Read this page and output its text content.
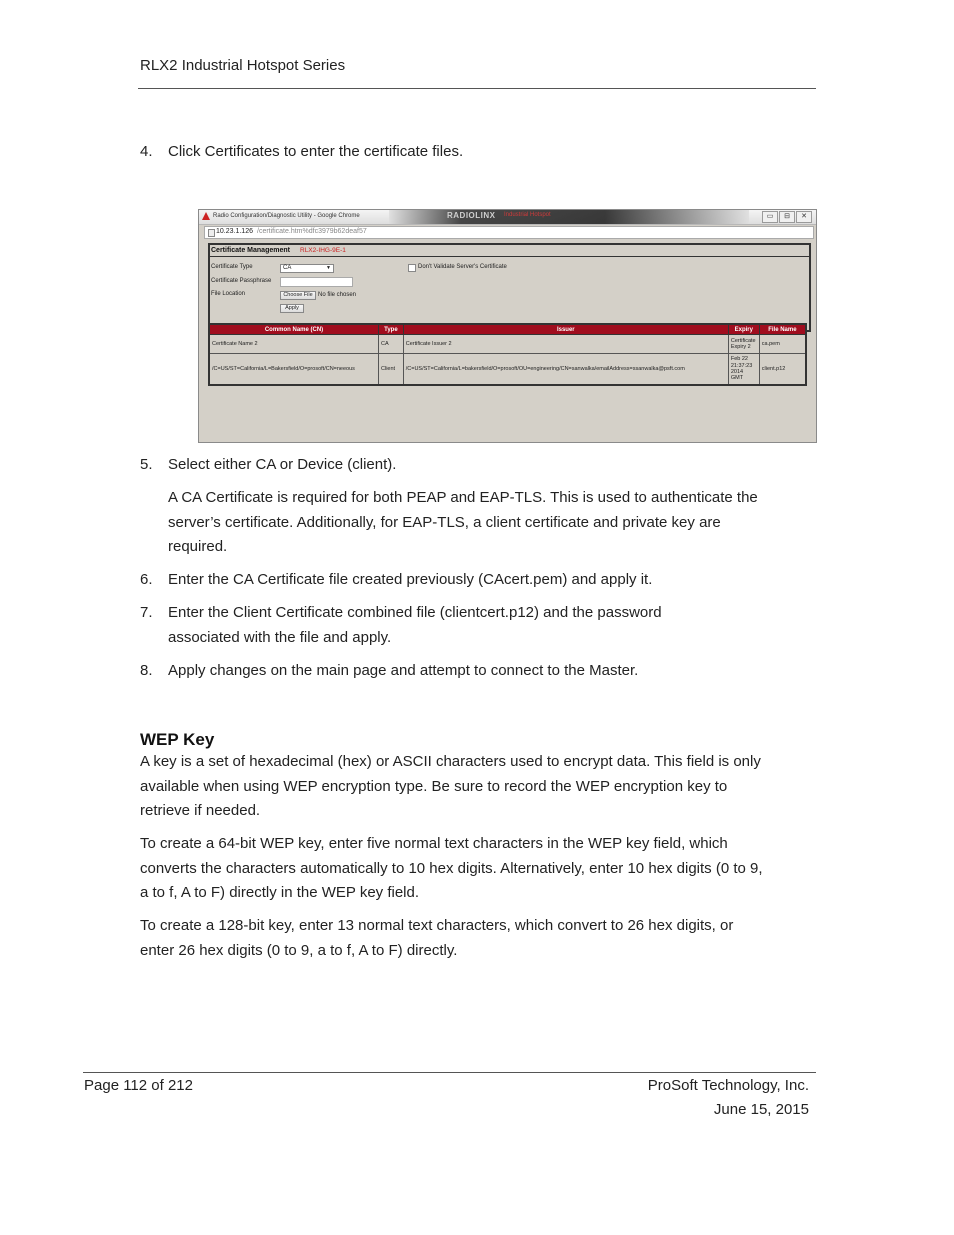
RLX2 Industrial Hotspot Series
4.	Click Certificates to enter the certificate files.
RADIOLINX Industrial Hotspot
Radio Configuration/Diagnostic Utility - Google Chrome	▭	⊟	✕
10.23.1.126 /certificate.htm%dfc3979b62deaf57
Certificate Management RLX2-IHG-9E-1
Certificate Type	CA	▼	Don't Validate Server's Certificate
Certificate Passphrase
File Location	Choose File No file chosen
Apply
Common Name (CN)	Type	Issuer	Expiry	File Name
Certificate Name 2	CA	Certificate Issuer 2	Certificate Expiry 2	ca.pem
/C=US/ST=California/L=Bakersfield/O=prosoft/CN=neeous	Client	/C=US/ST=California/L=bakersfield/O=prosoft/OU=engineering/CN=sanwalka/emailAddress=ssanwalka@psft.com	Feb 22 21:37:23 2014 GMT	client.p12
5.	Select either CA or Device (client).
A CA Certificate is required for both PEAP and EAP-TLS. This is used to authenticate the server’s certificate. Additionally, for EAP-TLS, a client certificate and private key are required.
6.	Enter the CA Certificate file created previously (CAcert.pem) and apply it.
7.	Enter the Client Certificate combined file (clientcert.p12) and the password associated with the file and apply.
8.	Apply changes on the main page and attempt to connect to the Master.
WEP Key
A key is a set of hexadecimal (hex) or ASCII characters used to encrypt data. This field is only available when using WEP encryption type. Be sure to record the WEP encryption key to retrieve if needed.
To create a 64-bit WEP key, enter five normal text characters in the WEP key field, which converts the characters automatically to 10 hex digits. Alternatively, enter 10 hex digits (0 to 9, a to f, A to F) directly in the WEP key field.
To create a 128-bit key, enter 13 normal text characters, which convert to 26 hex digits, or enter 26 hex digits (0 to 9, a to f, A to F) directly.
Page 112 of 212	ProSoft Technology, Inc.
June 15, 2015
